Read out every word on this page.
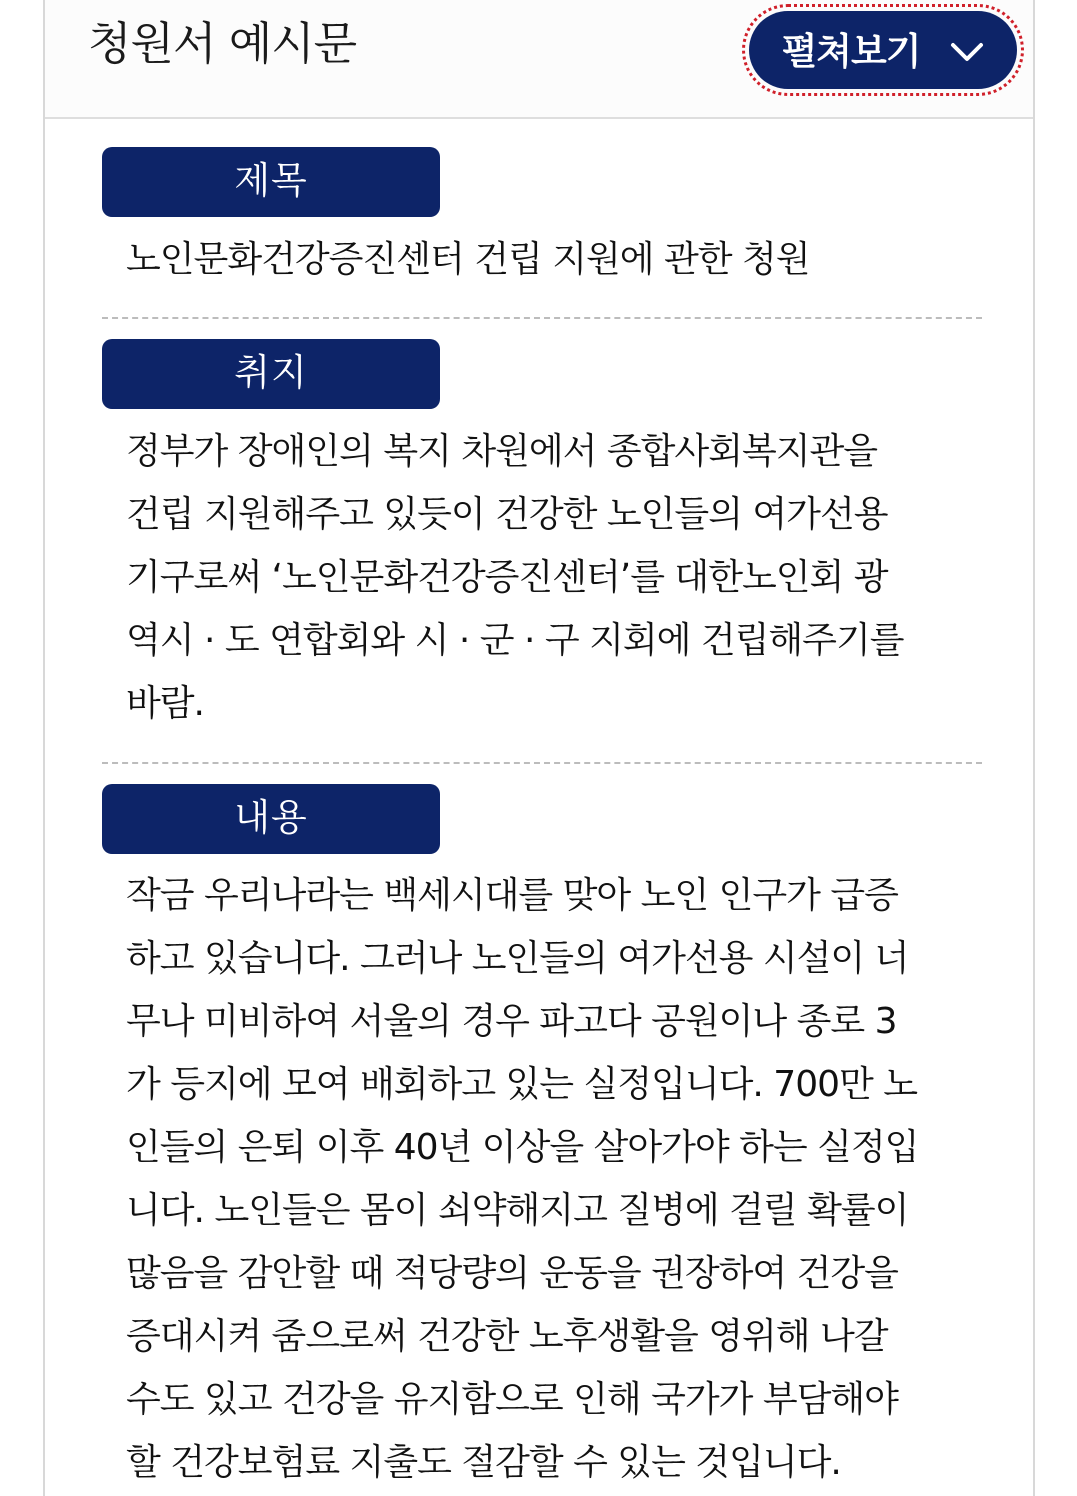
청원서 예시문	펼쳐보기
제목
노인문화건강증진센터 건립 지원에 관한 청원
취지
정부가 장애인의 복지 차원에서 종합사회복지관을
건립 지원해주고 있듯이 건강한 노인들의 여가선용
기구로써 ‘노인문화건강증진센터’를 대한노인회 광
역시 · 도 연합회와 시 · 군 · 구 지회에 건립해주기를
바람.
내용
작금 우리나라는 백세시대를 맞아 노인 인구가 급증
하고 있습니다. 그러나 노인들의 여가선용 시설이 너
무나 미비하여 서울의 경우 파고다 공원이나 종로 3
가 등지에 모여 배회하고 있는 실정입니다. 700만 노
인들의 은퇴 이후 40년 이상을 살아가야 하는 실정입
니다. 노인들은 몸이 쇠약해지고 질병에 걸릴 확률이
많음을 감안할 때 적당량의 운동을 권장하여 건강을
증대시켜 줌으로써 건강한 노후생활을 영위해 나갈
수도 있고 건강을 유지함으로 인해 국가가 부담해야
할 건강보험료 지출도 절감할 수 있는 것입니다.
